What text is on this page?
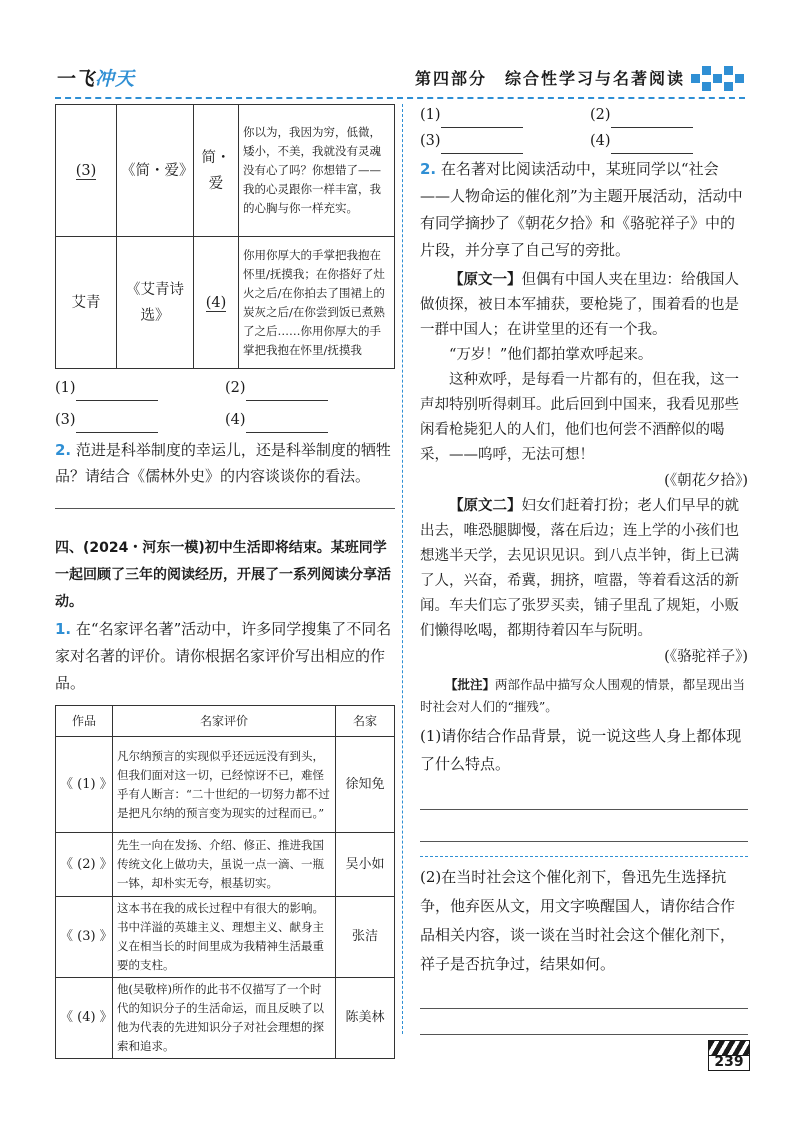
一飞冲天	第四部分　综合性学习与名著阅读
(3)	《简・爱》	简・爱	你以为，我因为穷，低微，矮小，不美，我就没有灵魂没有心了吗？你想错了——我的心灵跟你一样丰富，我的心胸与你一样充实。
艾青	《艾青诗选》	(4)	你用你厚大的手掌把我抱在怀里/抚摸我；在你搭好了灶火之后/在你拍去了围裙上的炭灰之后/在你尝到饭已煮熟了之后……你用你厚大的手掌把我抱在怀里/抚摸我
(1)	(2)
(3)	(4)
2. 范进是科举制度的幸运儿，还是科举制度的牺牲品？请结合《儒林外史》的内容谈谈你的看法。
四、(2024・河东一模)初中生活即将结束。某班同学一起回顾了三年的阅读经历，开展了一系列阅读分享活动。
1. 在“名家评名著”活动中，许多同学搜集了不同名家对名著的评价。请你根据名家评价写出相应的作品。
作品	名家评价	名家
《 (1) 》	凡尔纳预言的实现似乎还远远没有到头，但我们面对这一切，已经惊讶不已，难怪乎有人断言：“二十世纪的一切努力都不过是把凡尔纳的预言变为现实的过程而已。”	徐知免
《 (2) 》	先生一向在发扬、介绍、修正、推进我国传统文化上做功夫，虽说一点一滴、一瓶一钵，却朴实无夸，根基切实。	吴小如
《 (3) 》	这本书在我的成长过程中有很大的影响。书中洋溢的英雄主义、理想主义、献身主义在相当长的时间里成为我精神生活最重要的支柱。	张洁
《 (4) 》	他(吴敬梓)所作的此书不仅描写了一个时代的知识分子的生活命运，而且反映了以他为代表的先进知识分子对社会理想的探索和追求。	陈美林
(1)	(2)
(3)	(4)
2. 在名著对比阅读活动中，某班同学以“社会——人物命运的催化剂”为主题开展活动，活动中有同学摘抄了《朝花夕拾》和《骆驼祥子》中的片段，并分享了自己写的旁批。
【原文一】但偶有中国人夹在里边：给俄国人做侦探，被日本军捕获，要枪毙了，围着看的也是一群中国人；在讲堂里的还有一个我。
“万岁！”他们都拍掌欢呼起来。
这种欢呼，是每看一片都有的，但在我，这一声却特别听得刺耳。此后回到中国来，我看见那些闲看枪毙犯人的人们，他们也何尝不酒醉似的喝采，——呜呼，无法可想！
(《朝花夕拾》)
【原文二】妇女们赶着打扮；老人们早早的就出去，唯恐腿脚慢，落在后边；连上学的小孩们也想逃半天学，去见识见识。到八点半钟，街上已满了人，兴奋，希冀，拥挤，喧嚣，等着看这活的新闻。车夫们忘了张罗买卖，铺子里乱了规矩，小贩们懒得吆喝，都期待着囚车与阮明。
(《骆驼祥子》)
【批注】两部作品中描写众人围观的情景，都呈现出当时社会对人们的“摧残”。
(1)请你结合作品背景，说一说这些人身上都体现了什么特点。
(2)在当时社会这个催化剂下，鲁迅先生选择抗争，他弃医从文，用文字唤醒国人，请你结合作品相关内容，谈一谈在当时社会这个催化剂下，祥子是否抗争过，结果如何。
239
